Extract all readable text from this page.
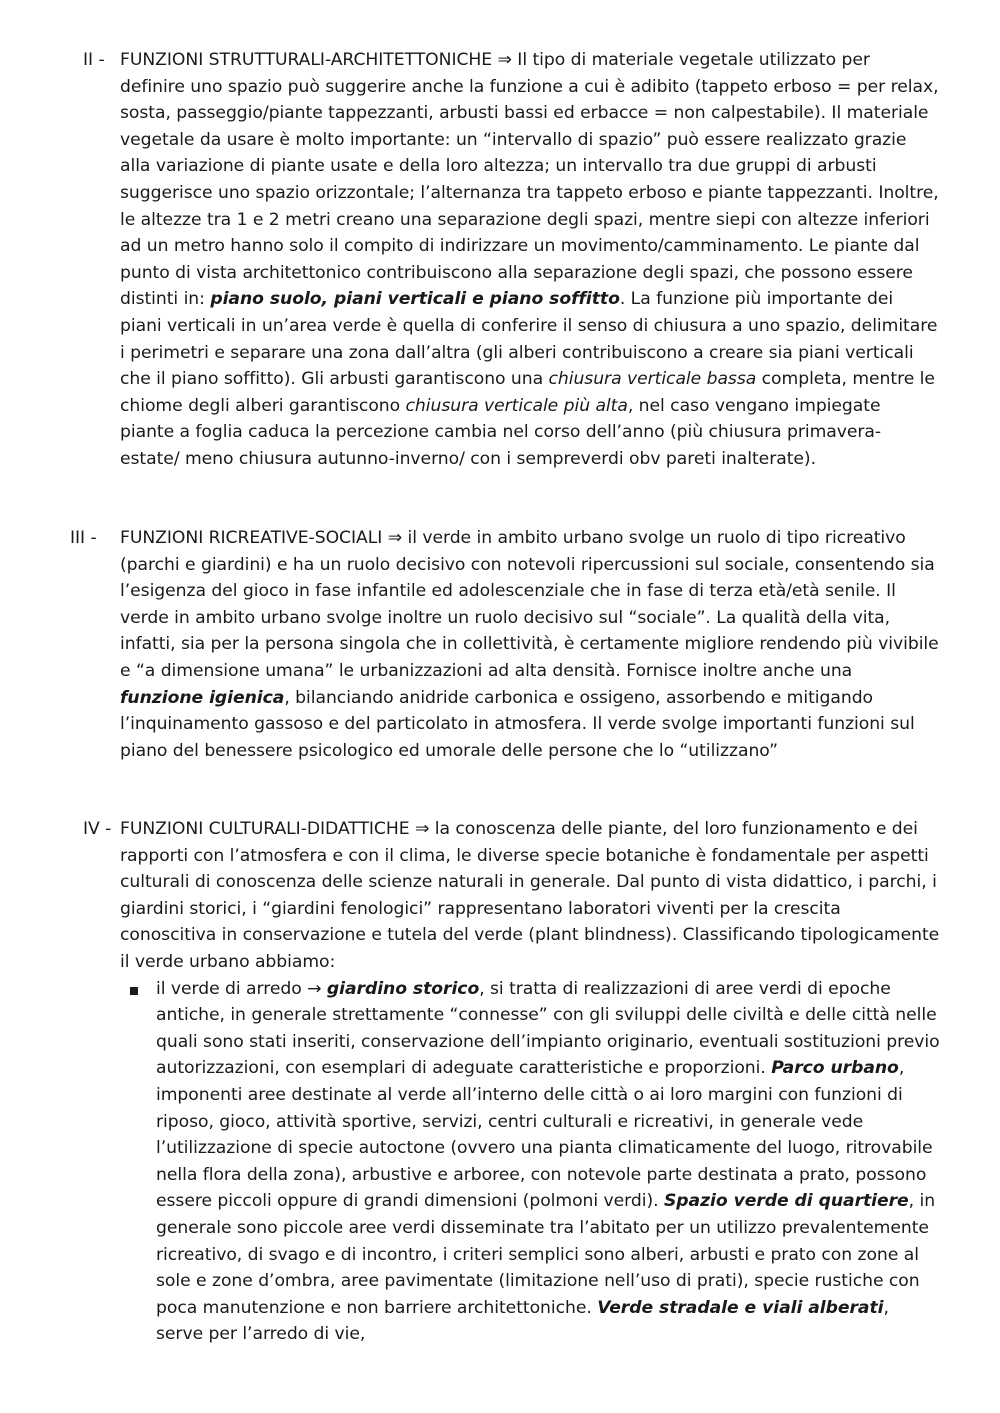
II - FUNZIONI STRUTTURALI-ARCHITETTONICHE ⇒ Il tipo di materiale vegetale utilizzato per definire uno spazio può suggerire anche la funzione a cui è adibito (tappeto erboso = per relax, sosta, passeggio/piante tappezzanti, arbusti bassi ed erbacce = non calpestabile). Il materiale vegetale da usare è molto importante: un “intervallo di spazio” può essere realizzato grazie alla variazione di piante usate e della loro altezza; un intervallo tra due gruppi di arbusti suggerisce uno spazio orizzontale; l’alternanza tra tappeto erboso e piante tappezzanti. Inoltre, le altezze tra 1 e 2 metri creano una separazione degli spazi, mentre siepi con altezze inferiori ad un metro hanno solo il compito di indirizzare un movimento/camminamento. Le piante dal punto di vista architettonico contribuiscono alla separazione degli spazi, che possono essere distinti in: piano suolo, piani verticali e piano soffitto. La funzione più importante dei piani verticali in un’area verde è quella di conferire il senso di chiusura a uno spazio, delimitare i perimetri e separare una zona dall’altra (gli alberi contribuiscono a creare sia piani verticali che il piano soffitto). Gli arbusti garantiscono una chiusura verticale bassa completa, mentre le chiome degli alberi garantiscono chiusura verticale più alta, nel caso vengano impiegate piante a foglia caduca la percezione cambia nel corso dell’anno (più chiusura primavera-estate/ meno chiusura autunno-inverno/ con i sempreverdi obv pareti inalterate).

III - FUNZIONI RICREATIVE-SOCIALI ⇒ il verde in ambito urbano svolge un ruolo di tipo ricreativo (parchi e giardini) e ha un ruolo decisivo con notevoli ripercussioni sul sociale, consentendo sia l’esigenza del gioco in fase infantile ed adolescenziale che in fase di terza età/età senile. Il verde in ambito urbano svolge inoltre un ruolo decisivo sul “sociale”. La qualità della vita, infatti, sia per la persona singola che in collettività, è certamente migliore rendendo più vivibile e “a dimensione umana” le urbanizzazioni ad alta densità. Fornisce inoltre anche una funzione igienica, bilanciando anidride carbonica e ossigeno, assorbendo e mitigando l’inquinamento gassoso e del particolato in atmosfera. Il verde svolge importanti funzioni sul piano del benessere psicologico ed umorale delle persone che lo “utilizzano”

IV - FUNZIONI CULTURALI-DIDATTICHE ⇒ la conoscenza delle piante, del loro funzionamento e dei rapporti con l’atmosfera e con il clima, le diverse specie botaniche è fondamentale per aspetti culturali di conoscenza delle scienze naturali in generale. Dal punto di vista didattico, i parchi, i giardini storici, i “giardini fenologici” rappresentano laboratori viventi per la crescita conoscitiva in conservazione e tutela del verde (plant blindness). Classificando tipologicamente il verde urbano abbiamo:

il verde di arredo → giardino storico, si tratta di realizzazioni di aree verdi di epoche antiche, in generale strettamente “connesse” con gli sviluppi delle civiltà e delle città nelle quali sono stati inseriti, conservazione dell’impianto originario, eventuali sostituzioni previo autorizzazioni, con esemplari di adeguate caratteristiche e proporzioni. Parco urbano, imponenti aree destinate al verde all’interno delle città o ai loro margini con funzioni di riposo, gioco, attività sportive, servizi, centri culturali e ricreativi, in generale vede l’utilizzazione di specie autoctone (ovvero una pianta climaticamente del luogo, ritrovabile nella flora della zona), arbustive e arboree, con notevole parte destinata a prato, possono essere piccoli oppure di grandi dimensioni (polmoni verdi). Spazio verde di quartiere, in generale sono piccole aree verdi disseminate tra l’abitato per un utilizzo prevalentemente ricreativo, di svago e di incontro, i criteri semplici sono alberi, arbusti e prato con zone al sole e zone d’ombra, aree pavimentate (limitazione nell’uso di prati), specie rustiche con poca manutenzione e non barriere architettoniche. Verde stradale e viali alberati, serve per l’arredo di vie,
